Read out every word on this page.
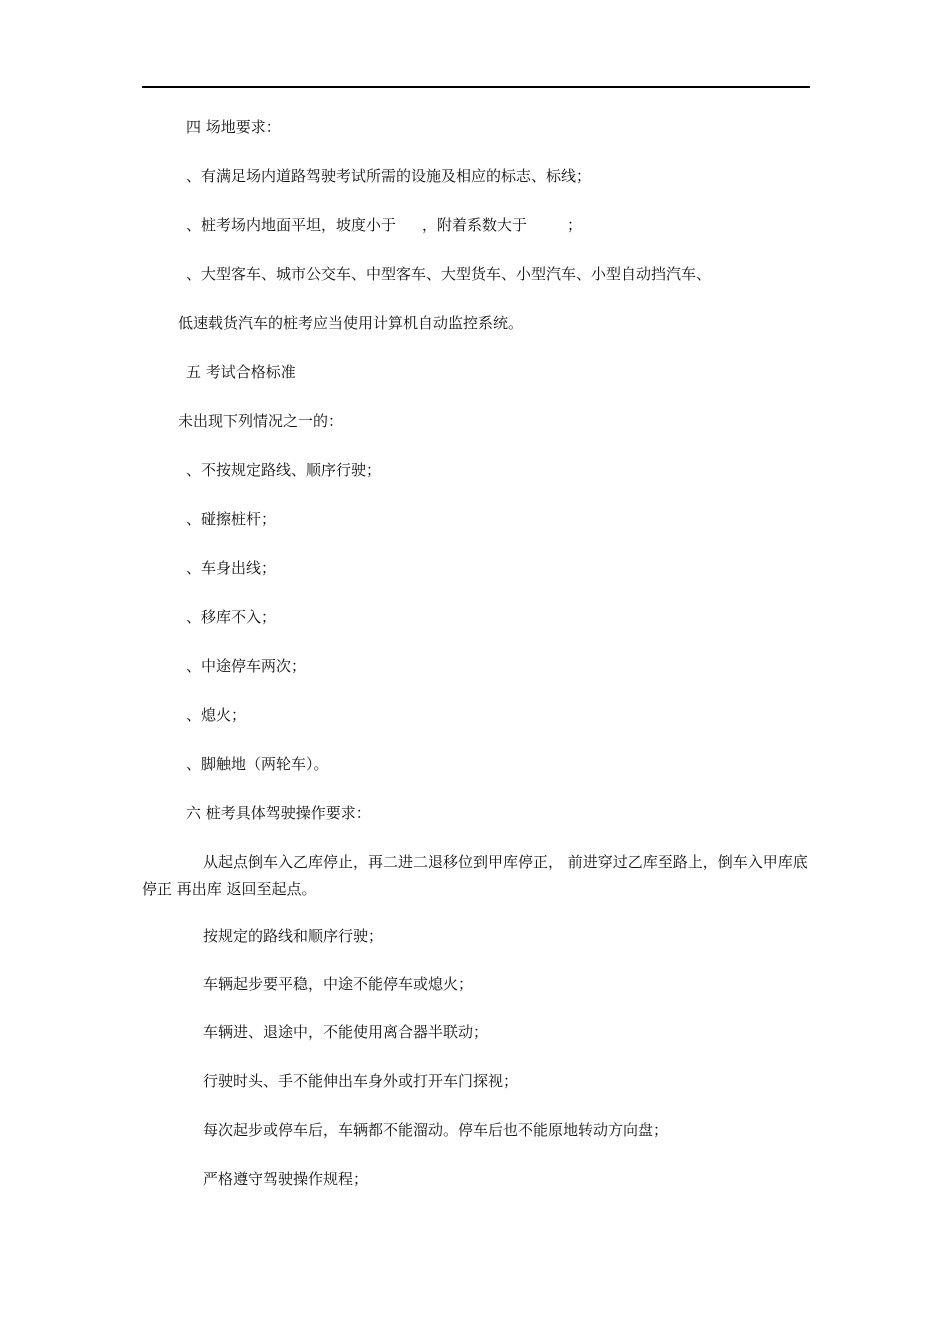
四 场地要求：
、有满足场内道路驾驶考试所需的设施及相应的标志、标线；
、桩考场内地面平坦，坡度小于 ，附着系数大于	；
、大型客车、城市公交车、中型客车、大型货车、小型汽车、小型自动挡汽车、
低速载货汽车的桩考应当使用计算机自动监控系统。
五 考试合格标准
未出现下列情况之一的：
、不按规定路线、顺序行驶；
、碰擦桩杆；
、车身出线；
、移库不入；
、中途停车两次；
、熄火；
、脚触地（两轮车）。
六 桩考具体驾驶操作要求：
从起点倒车入乙库停止，再二进二退移位到甲库停正， 前进穿过乙库至路上，倒车入甲库底停正 再出库 返回至起点。
按规定的路线和顺序行驶；
车辆起步要平稳，中途不能停车或熄火；
车辆进、退途中，不能使用离合器半联动；
行驶时头、手不能伸出车身外或打开车门探视；
每次起步或停车后，车辆都不能溜动。停车后也不能原地转动方向盘；
严格遵守驾驶操作规程；
